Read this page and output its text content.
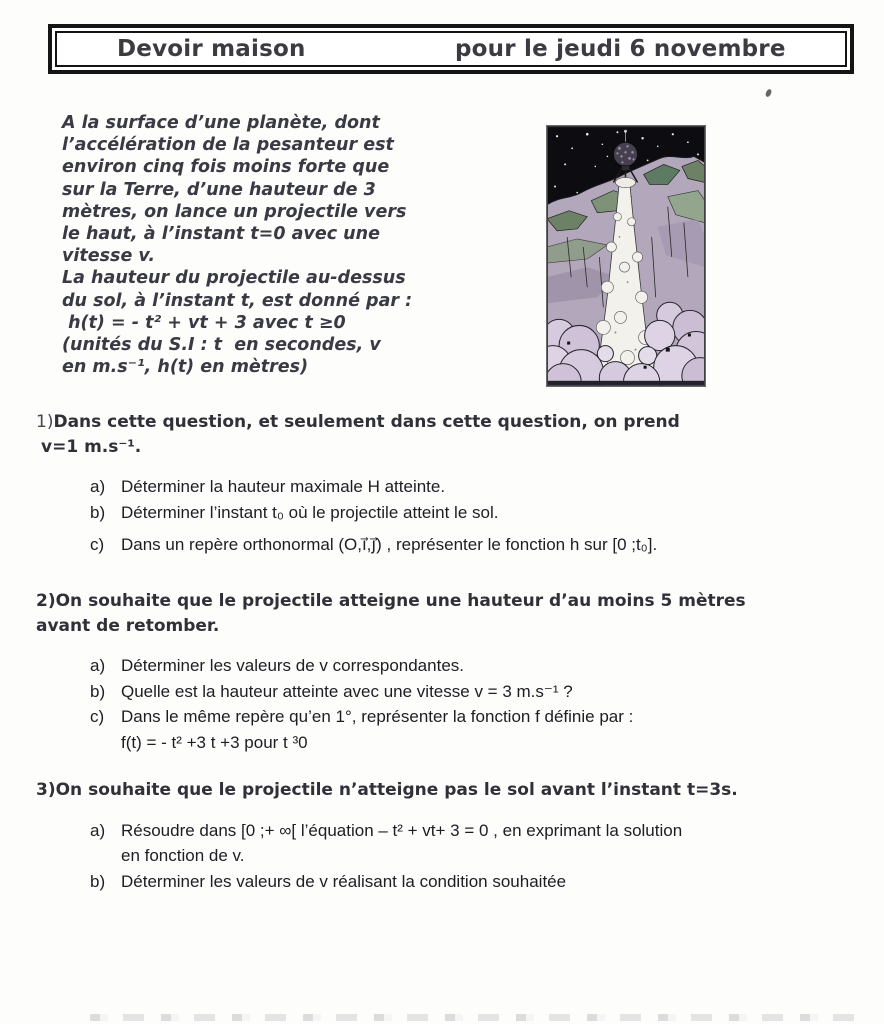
Devoir maison	pour le jeudi 6 novembre
A la surface d’une planète, dont
l’accélération de la pesanteur est
environ cinq fois moins forte que
sur la Terre, d’une hauteur de 3
mètres, on lance un projectile vers
le haut, à l’instant t=0 avec une
vitesse v.
La hauteur du projectile au-dessus
du sol, à l’instant t, est donné par :
h(t) = - t² + vt + 3 avec t ≥0
(unités du S.I : t  en secondes, v
en m.s⁻¹, h(t) en mètres)
1)Dans cette question, et seulement dans cette question, on prend
v=1 m.s⁻¹.
a) Déterminer la hauteur maximale H atteinte.
b) Déterminer l’instant t₀ où le projectile atteint le sol.
c) Dans un repère orthonormal (O,ı⃗,ȷ⃗) , représenter le fonction h sur [0 ;t₀].
2)On souhaite que le projectile atteigne une hauteur d’au moins 5 mètres
avant de retomber.
a) Déterminer les valeurs de v correspondantes.
b) Quelle est la hauteur atteinte avec une vitesse v = 3 m.s⁻¹ ?
c) Dans le même repère qu’en 1°, représenter la fonction f définie par :
f(t) = - t² +3 t +3 pour t ³0
3)On souhaite que le projectile n’atteigne pas le sol avant l’instant t=3s.
a) Résoudre dans [0 ;+ ∞[ l’équation – t² + vt+ 3 = 0 , en exprimant la solution
en fonction de v.
b) Déterminer les valeurs de v réalisant la condition souhaitée
